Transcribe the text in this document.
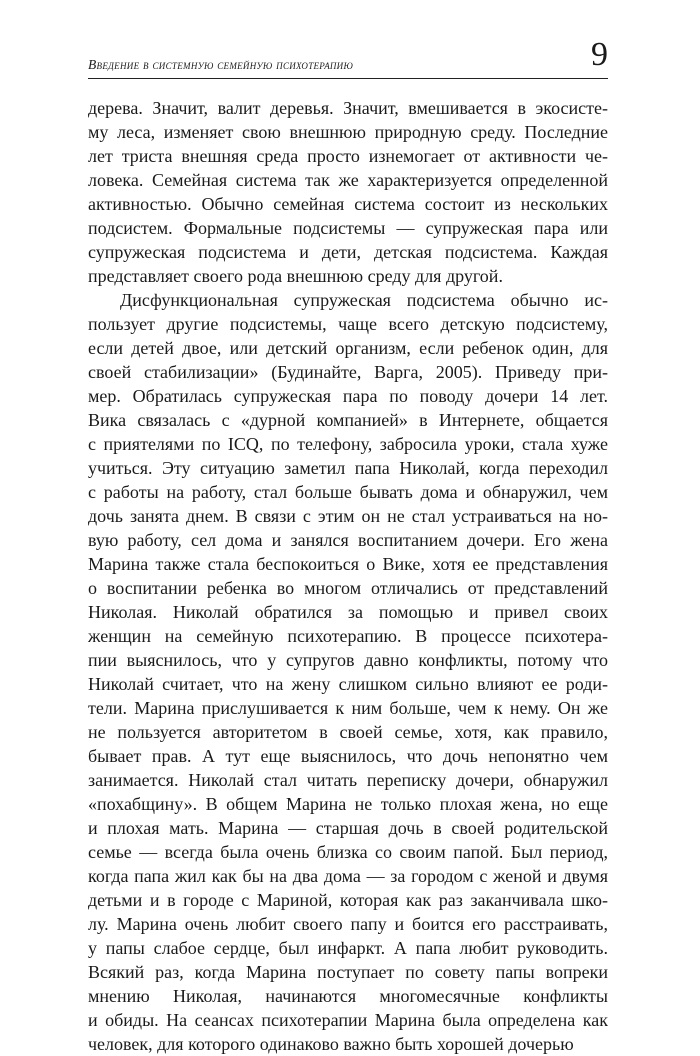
Введение в системную семейную психотерапию	9
дерева. Значит, валит деревья. Значит, вмешивается в экосисте-
му леса, изменяет свою внешнюю природную среду. Последние
лет триста внешняя среда просто изнемогает от активности че-
ловека. Семейная система так же характеризуется определенной
активностью. Обычно семейная система состоит из нескольких
подсистем. Формальные подсистемы — супружеская пара или
супружеская подсистема и дети, детская подсистема. Каждая
представляет своего рода внешнюю среду для другой.
Дисфункциональная супружеская подсистема обычно ис-
пользует другие подсистемы, чаще всего детскую подсистему,
если детей двое, или детский организм, если ребенок один, для
своей стабилизации» (Будинайте, Варга, 2005). Приведу при-
мер. Обратилась супружеская пара по поводу дочери 14 лет.
Вика связалась с «дурной компанией» в Интернете, общается
с приятелями по ICQ, по телефону, забросила уроки, стала хуже
учиться. Эту ситуацию заметил папа Николай, когда переходил
с работы на работу, стал больше бывать дома и обнаружил, чем
дочь занята днем. В связи с этим он не стал устраиваться на но-
вую работу, сел дома и занялся воспитанием дочери. Его жена
Марина также стала беспокоиться о Вике, хотя ее представления
о воспитании ребенка во многом отличались от представлений
Николая. Николай обратился за помощью и привел своих
женщин на семейную психотерапию. В процессе психотера-
пии выяснилось, что у супругов давно конфликты, потому что
Николай считает, что на жену слишком сильно влияют ее роди-
тели. Марина прислушивается к ним больше, чем к нему. Он же
не пользуется авторитетом в своей семье, хотя, как правило,
бывает прав. А тут еще выяснилось, что дочь непонятно чем
занимается. Николай стал читать переписку дочери, обнаружил
«похабщину». В общем Марина не только плохая жена, но еще
и плохая мать. Марина — старшая дочь в своей родительской
семье — всегда была очень близка со своим папой. Был период,
когда папа жил как бы на два дома — за городом с женой и двумя
детьми и в городе с Мариной, которая как раз заканчивала шко-
лу. Марина очень любит своего папу и боится его расстраивать,
у папы слабое сердце, был инфаркт. А папа любит руководить.
Всякий раз, когда Марина поступает по совету папы вопреки
мнению Николая, начинаются многомесячные конфликты
и обиды. На сеансах психотерапии Марина была определена как
человек, для которого одинаково важно быть хорошей дочерью
